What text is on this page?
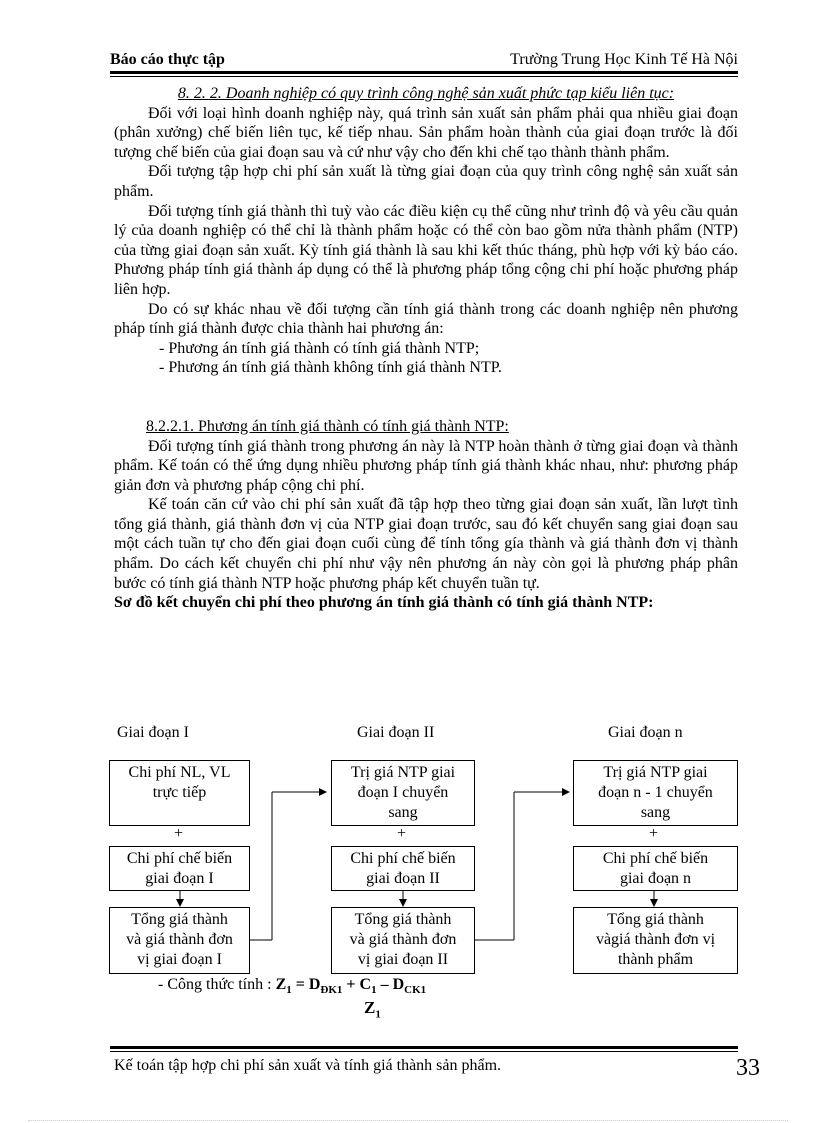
Báo cáo thực tập	Trường Trung Học Kinh Tế Hà Nội

8. 2. 2. Doanh nghiệp có quy trình công nghệ sản xuất phức tạp kiểu liên tục:

Đối với loại hình doanh nghiệp này, quá trình sản xuất sản phẩm phải qua nhiều giai đoạn (phân xưởng) chế biến liên tục, kế tiếp nhau. Sản phẩm hoàn thành của giai đoạn trước là đối tượng chế biến của giai đoạn sau và cứ như vậy cho đến khi chế tạo thành thành phẩm.

Đối tượng tập hợp chi phí sản xuất là từng giai đoạn của quy trình công nghệ sản xuất sản phẩm.

Đối tượng tính giá thành thì tuỳ vào các điều kiện cụ thể cũng như trình độ và yêu cầu quản lý của doanh nghiệp có thể chỉ là thành phẩm hoặc có thể còn bao gồm nửa thành phẩm (NTP) của từng giai đoạn sản xuất. Kỳ tính giá thành là sau khi kết thúc tháng, phù hợp với kỳ báo cáo. Phương pháp tính giá thành áp dụng có thể là phương pháp tổng cộng chi phí hoặc phương pháp liên hợp.

Do có sự khác nhau về đối tượng cần tính giá thành trong các doanh nghiệp nên phương pháp tính giá thành được chia thành hai phương án:

- Phương án tính giá thành có tính giá thành NTP;

- Phương án tính giá thành không tính giá thành NTP.

8.2.2.1. Phương án tính giá thành có tính giá thành NTP:

Đối tượng tính giá thành trong phương án này là NTP hoàn thành ở từng giai đoạn và thành phẩm. Kế toán có thể ứng dụng nhiều phương pháp tính giá thành khác nhau, như: phương pháp giản đơn và phương pháp cộng chi phí.

Kế toán căn cứ vào chi phí sản xuất đã tập hợp theo từng giai đoạn sản xuất, lần lượt tình tổng giá thành, giá thành đơn vị của NTP giai đoạn trước, sau đó kết chuyển sang giai đoạn sau một cách tuần tự cho đến giai đoạn cuối cùng để tính tổng gía thành và giá thành đơn vị thành phẩm. Do cách kết chuyển chi phí như vậy nên phương án này còn gọi là phương pháp phân bước có tính giá thành NTP hoặc phương pháp kết chuyển tuần tự.

Sơ đồ kết chuyển chi phí theo phương án tính giá thành có tính giá thành NTP:

Giai đoạn I	Giai đoạn II	Giai đoạn n
Chi phí NL, VL
trực tiếp
+
Chi phí chế biến
giai đoạn I
Tổng giá thành
và giá thành đơn
vị giai đoạn I
Trị giá NTP giai
đoạn I chuyển
sang
+
Chi phí chế biến
giai đoạn II
Tổng giá thành
và giá thành đơn
vị giai đoạn II
Trị giá NTP giai
đoạn n - 1 chuyển
sang
+
Chi phí chế biến
giai đoạn n
Tổng giá thành
vàgiá thành đơn vị
thành phẩm
- Công thức tính : $Z_1 = D_{ĐK1} + C_1 - D_{CK1}$
$Z_1$
Kế toán tập hợp chi phí sản xuất và tính giá thành sản phẩm.	33
